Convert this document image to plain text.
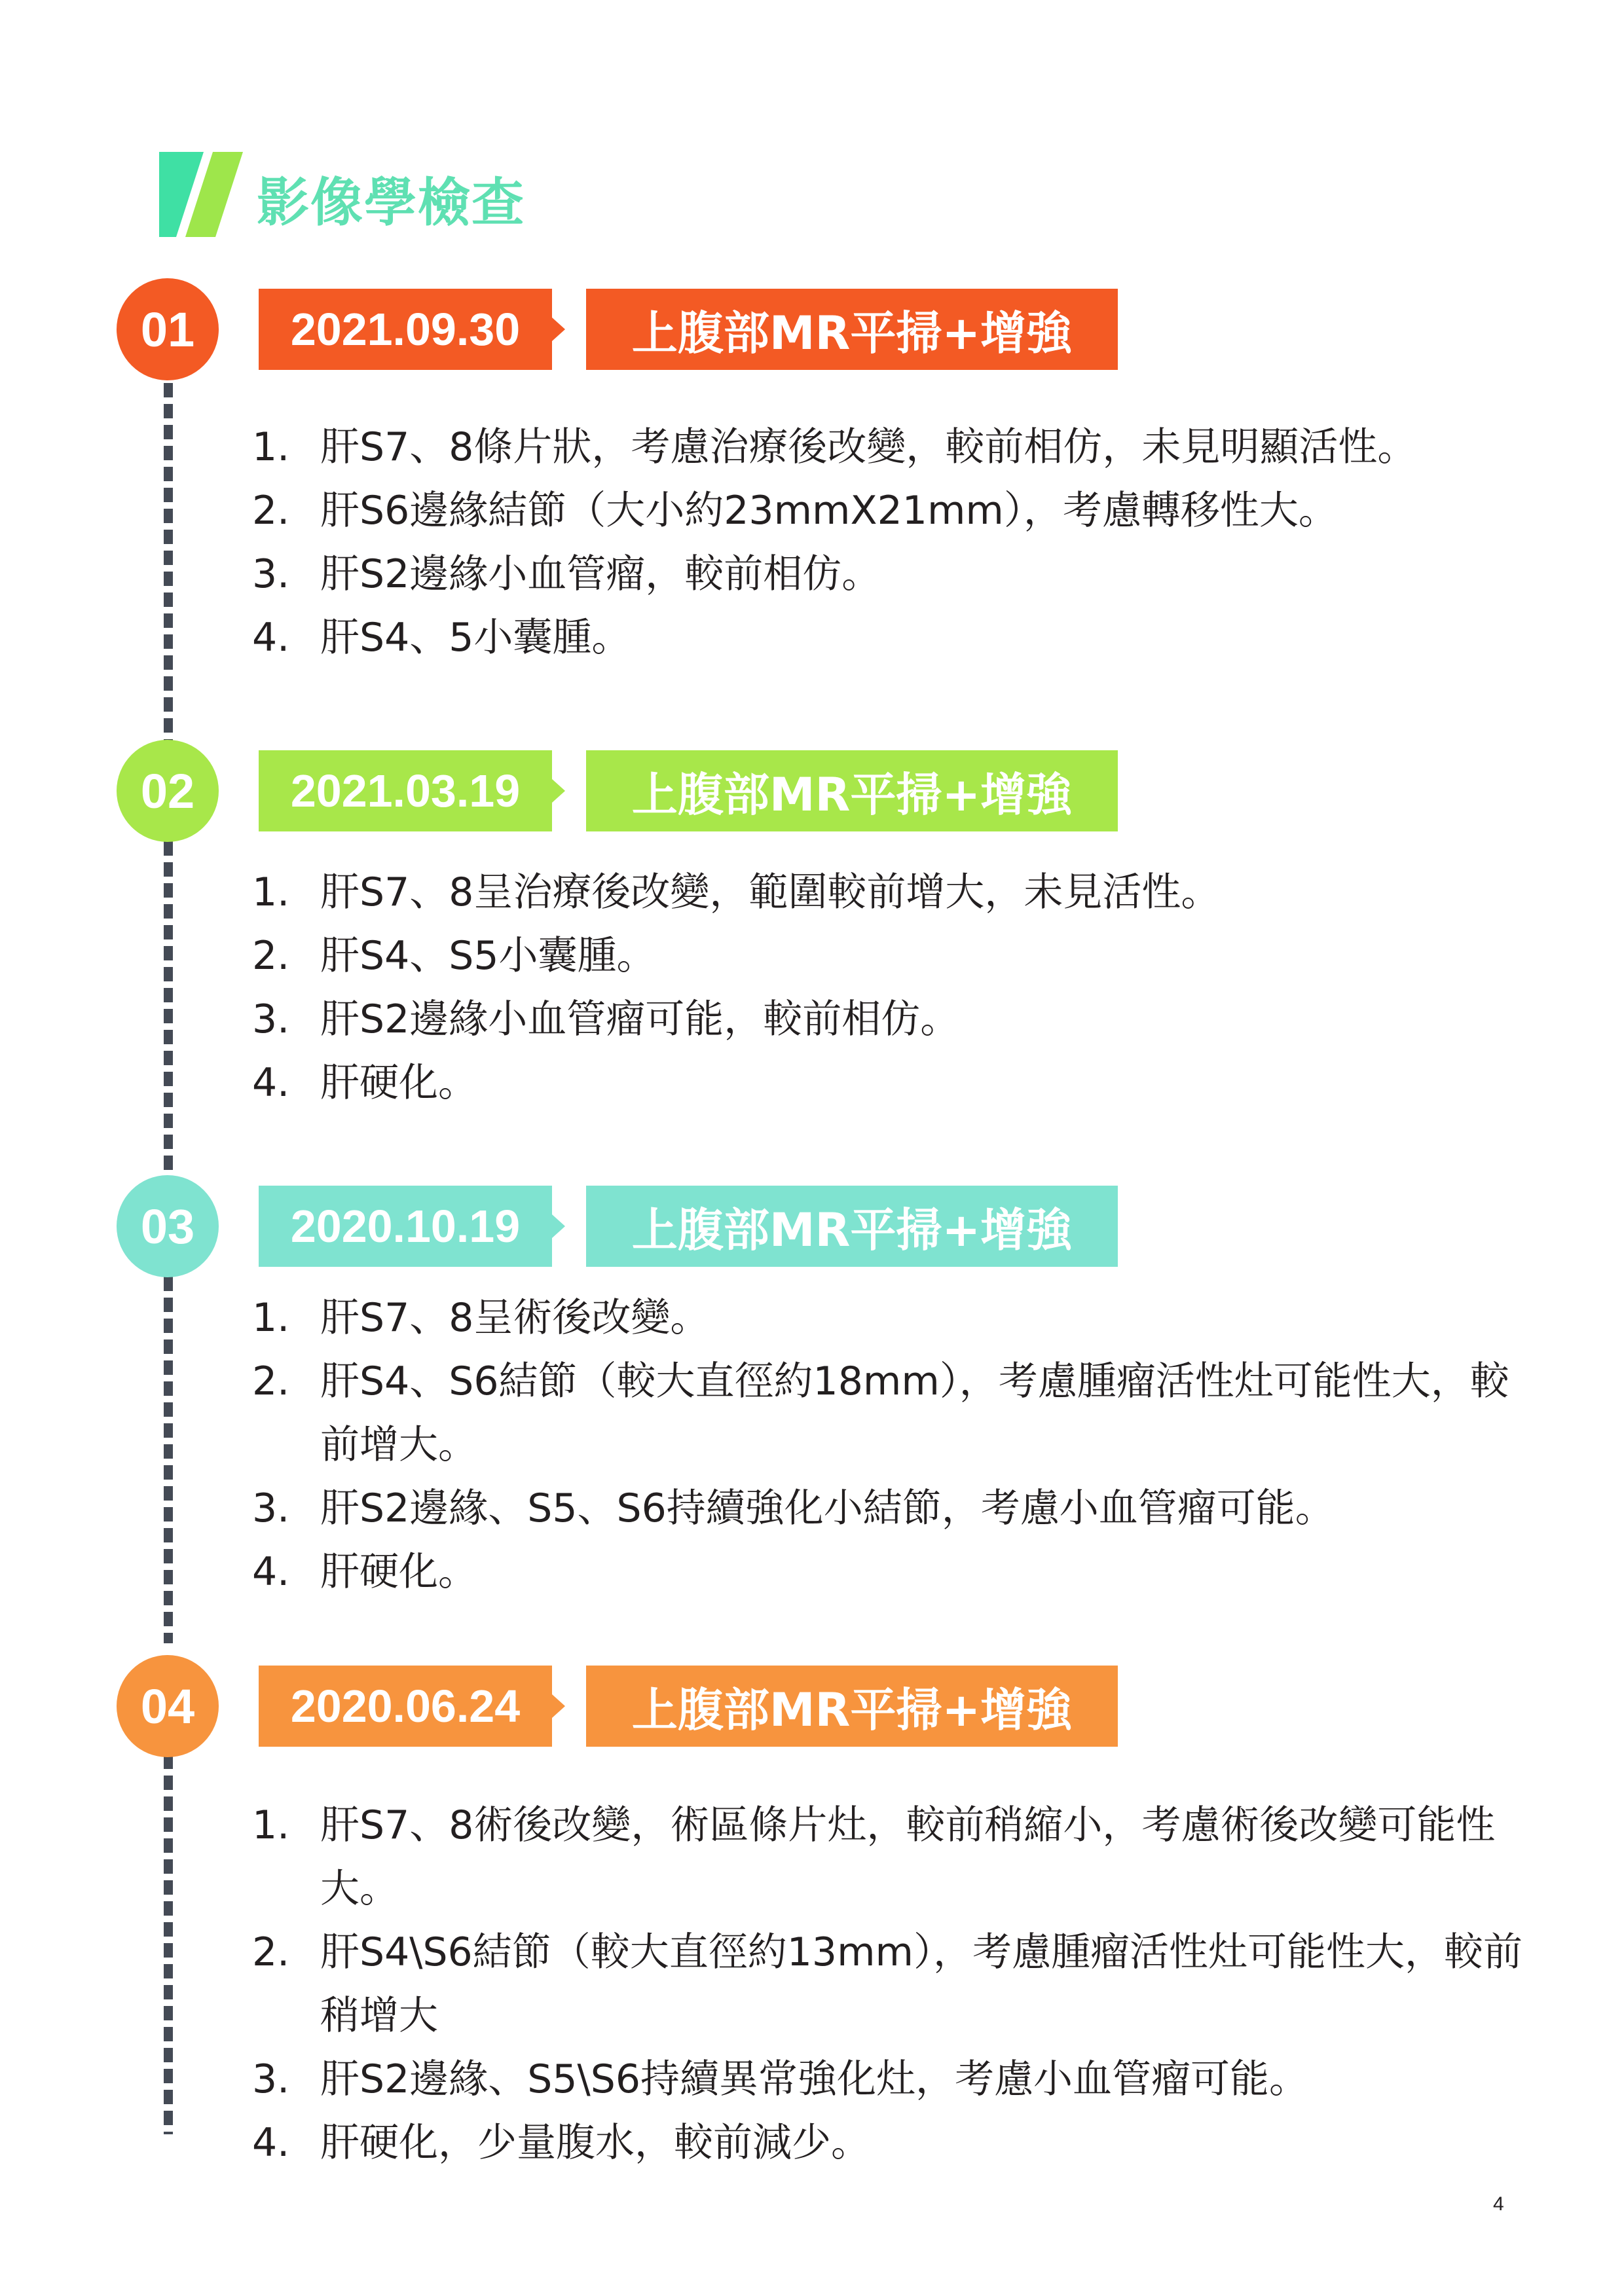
影像學檢查
01	2021.09.30	上腹部MR平掃+增強
1. 肝S7、8條片狀，考慮治療後改變，較前相仿，未見明顯活性。
2. 肝S6邊緣結節（大小約23mmX21mm），考慮轉移性大。
3. 肝S2邊緣小血管瘤，較前相仿。
4. 肝S4、5小囊腫。
02	2021.03.19	上腹部MR平掃+增強
1. 肝S7、8呈治療後改變，範圍較前增大，未見活性。
2. 肝S4、S5小囊腫。
3. 肝S2邊緣小血管瘤可能，較前相仿。
4. 肝硬化。
03	2020.10.19	上腹部MR平掃+增強
1. 肝S7、8呈術後改變。
2. 肝S4、S6結節（較大直徑約18mm），考慮腫瘤活性灶可能性大，較前增大。
3. 肝S2邊緣、S5、S6持續強化小結節，考慮小血管瘤可能。
4. 肝硬化。
04	2020.06.24	上腹部MR平掃+增強
1. 肝S7、8術後改變，術區條片灶，較前稍縮小，考慮術後改變可能性大。
2. 肝S4\S6結節（較大直徑約13mm），考慮腫瘤活性灶可能性大，較前稍增大
3. 肝S2邊緣、S5\S6持續異常強化灶，考慮小血管瘤可能。
4. 肝硬化，少量腹水，較前減少。
4
